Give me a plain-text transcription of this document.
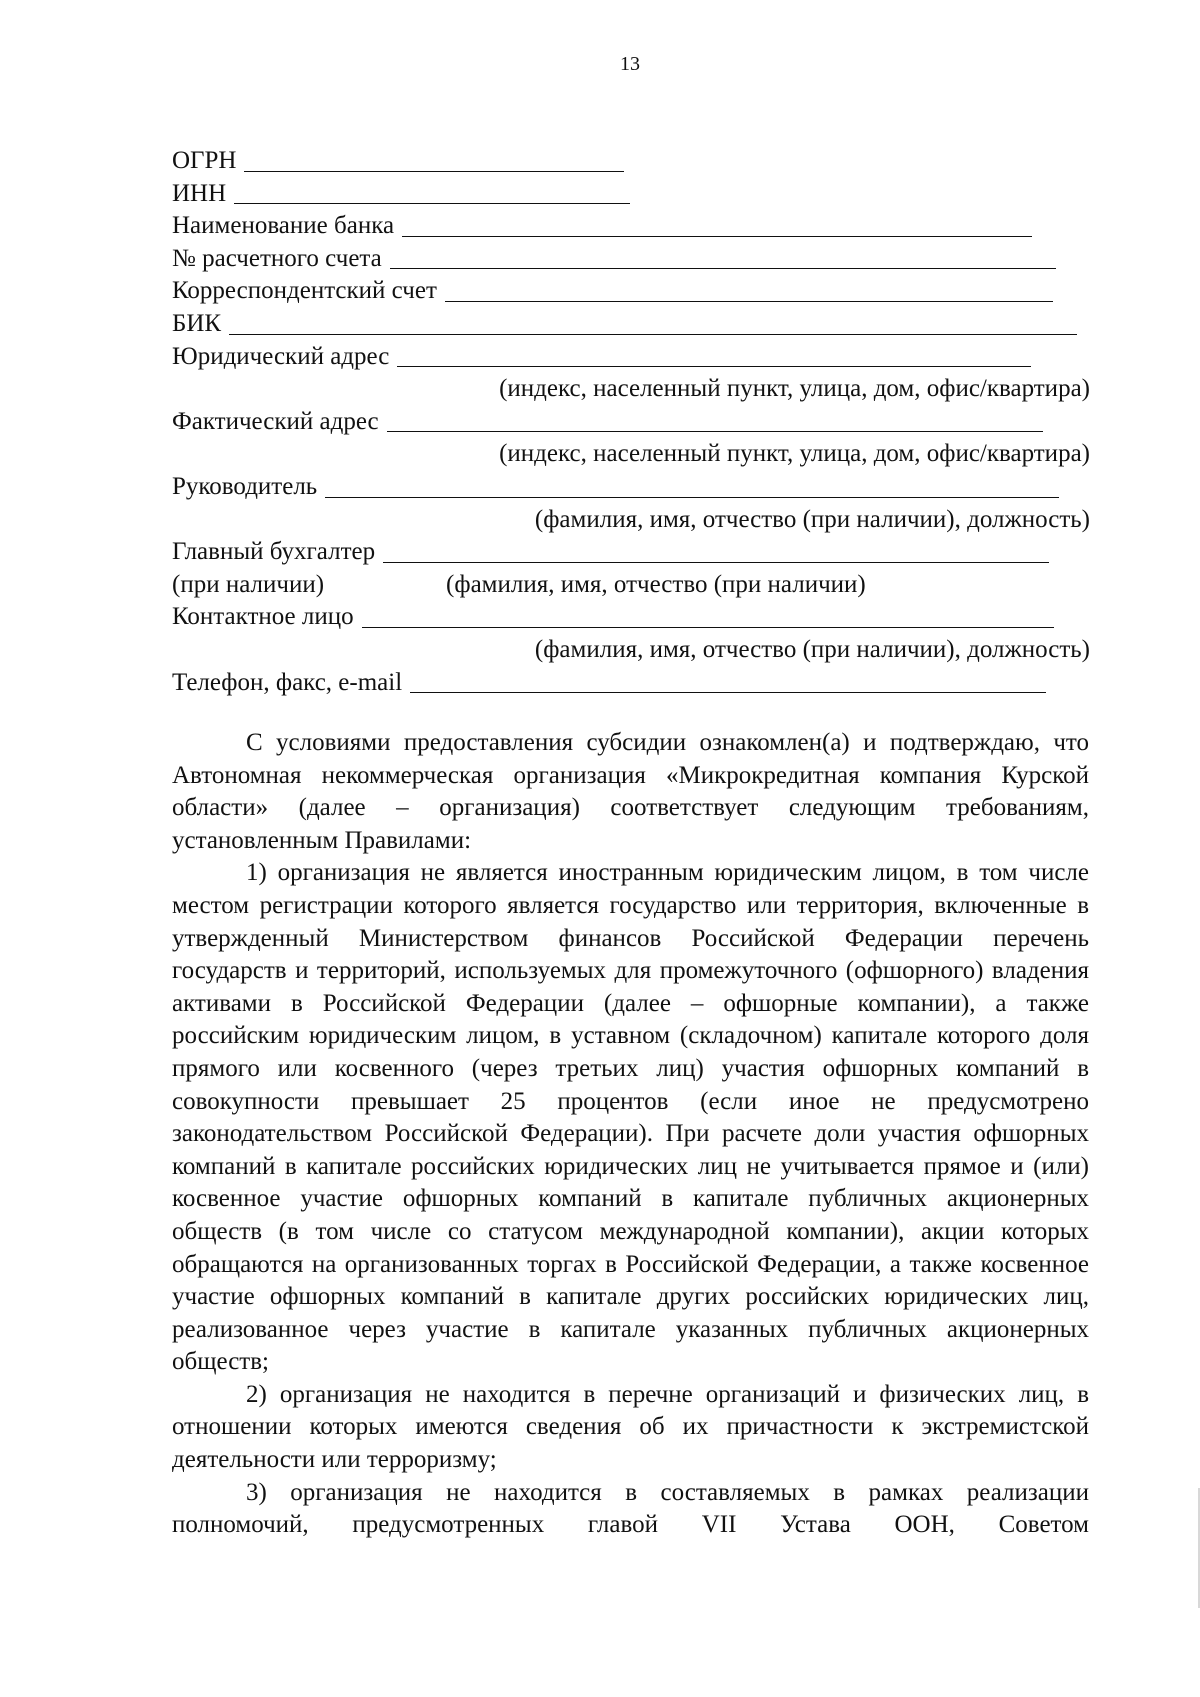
13
ОГРН
ИНН
Наименование банка
№ расчетного счета
Корреспондентский счет
БИК
Юридический адрес
(индекс, населенный пункт, улица, дом, офис/квартира)
Фактический адрес
(индекс, населенный пункт, улица, дом, офис/квартира)
Руководитель
(фамилия, имя, отчество (при наличии), должность)
Главный бухгалтер
(при наличии)	(фамилия, имя, отчество (при наличии)
Контактное лицо
(фамилия, имя, отчество (при наличии), должность)
Телефон, факс, e-mail

С условиями предоставления субсидии ознакомлен(а) и подтверждаю, что Автономная некоммерческая организация «Микрокредитная компания Курской области» (далее – организация) соответствует следующим требованиям, установленным Правилами:

1) организация не является иностранным юридическим лицом, в том числе местом регистрации которого является государство или территория, включенные в утвержденный Министерством финансов Российской Федерации перечень государств и территорий, используемых для промежуточного (офшорного) владения активами в Российской Федерации (далее – офшорные компании), а также российским юридическим лицом, в уставном (складочном) капитале которого доля прямого или косвенного (через третьих лиц) участия офшорных компаний в совокупности превышает 25 процентов (если иное не предусмотрено законодательством Российской Федерации). При расчете доли участия офшорных компаний в капитале российских юридических лиц не учитывается прямое и (или) косвенное участие офшорных компаний в капитале публичных акционерных обществ (в том числе со статусом международной компании), акции которых обращаются на организованных торгах в Российской Федерации, а также косвенное участие офшорных компаний в капитале других российских юридических лиц, реализованное через участие в капитале указанных публичных акционерных обществ;

2) организация не находится в перечне организаций и физических лиц, в отношении которых имеются сведения об их причастности к экстремистской деятельности или терроризму;

3) организация не находится в составляемых в рамках реализации полномочий, предусмотренных главой VII Устава ООН, Советом
